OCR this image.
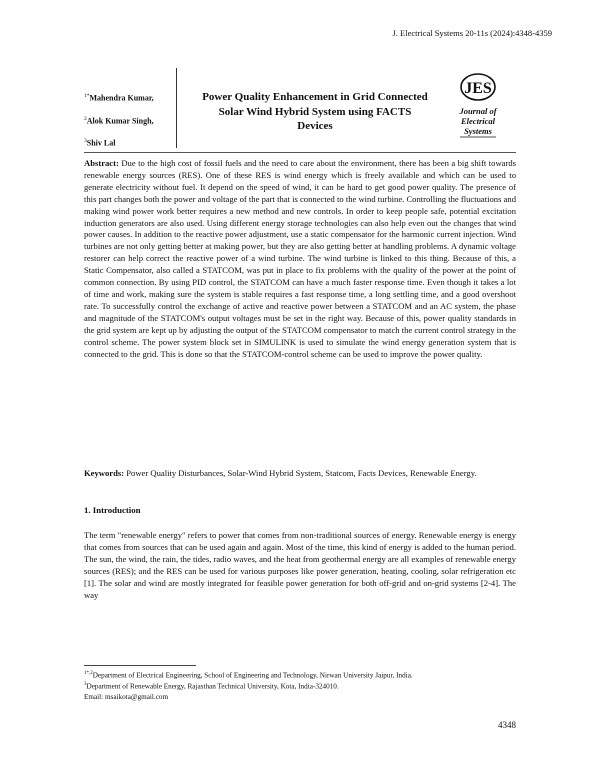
J. Electrical Systems 20-11s (2024):4348-4359
$^{1*}$Mahendra Kumar,
$^2$Alok Kumar Singh,
$^3$Shiv Lal
Power Quality Enhancement in Grid Connected Solar Wind Hybrid System using FACTS Devices
JES
Journal of
Electrical
Systems
Abstract: Due to the high cost of fossil fuels and the need to care about the environment, there has been a big shift towards renewable energy sources (RES). One of these RES is wind energy which is freely available and which can be used to generate electricity without fuel. It depend on the speed of wind, it can be hard to get good power quality. The presence of this part changes both the power and voltage of the part that is connected to the wind turbine. Controlling the fluctuations and making wind power work better requires a new method and new controls. In order to keep people safe, potential excitation induction generators are also used. Using different energy storage technologies can also help even out the changes that wind power causes. In addition to the reactive power adjustment, use a static compensator for the harmonic current injection. Wind turbines are not only getting better at making power, but they are also getting better at handling problems. A dynamic voltage restorer can help correct the reactive power of a wind turbine. The wind turbine is linked to this thing. Because of this, a Static Compensator, also called a STATCOM, was put in place to fix problems with the quality of the power at the point of common connection. By using PID control, the STATCOM can have a much faster response time. Even though it takes a lot of time and work, making sure the system is stable requires a fast response time, a long settling time, and a good overshoot rate. To successfully control the exchange of active and reactive power between a STATCOM and an AC system, the phase and magnitude of the STATCOM's output voltages must be set in the right way. Because of this, power quality standards in the grid system are kept up by adjusting the output of the STATCOM compensator to match the current control strategy in the control scheme. The power system block set in SIMULINK is used to simulate the wind energy generation system that is connected to the grid. This is done so that the STATCOM-control scheme can be used to improve the power quality.
Keywords: Power Quality Disturbances, Solar-Wind Hybrid System, Statcom, Facts Devices, Renewable Energy.
1. Introduction
The term "renewable energy" refers to power that comes from non-traditional sources of energy. Renewable energy is energy that comes from sources that can be used again and again. Most of the time, this kind of energy is added to the human period. The sun, the wind, the rain, the tides, radio waves, and the heat from geothermal energy are all examples of renewable energy sources (RES); and the RES can be used for various purposes like power generation, heating, cooling, solar refrigeration etc [1]. The solar and wind are mostly integrated for feasible power generation for both off-grid and on-grid systems [2-4]. The way
$^{1*,2}$Department of Electrical Engineering, School of Engineering and Technology, Nirwan University Jaipur, India.
$^3$Department of Renewable Energy, Rajasthan Technical University, Kota, India-324010.
Email: msaikota@gmail.com
4348
